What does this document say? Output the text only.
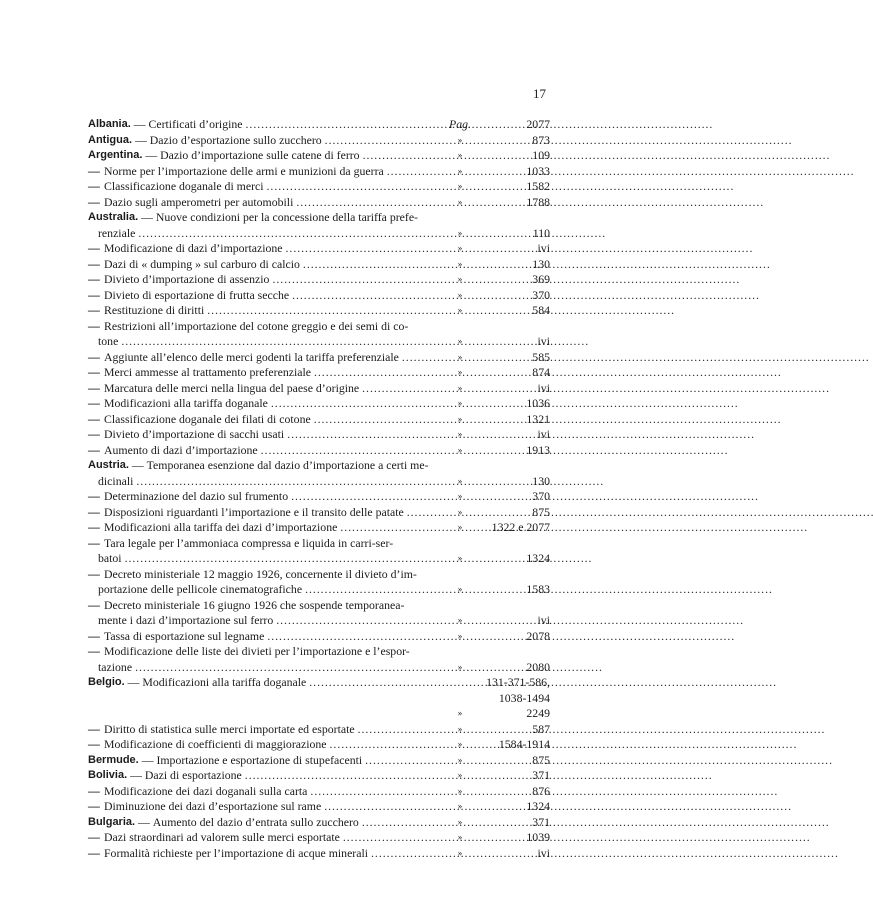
17
Albania. — Certificati d’origine . . .	Pag.	2077
Antigua. — Dazio d’esportazione sullo zucchero . . .	»	873
Argentina. — Dazio d’importazione sulle catene di ferro . . .	»	109
— Norme per l’importazione delle armi e munizioni da guerra . . .	»	1033
— Classificazione doganale di merci . . .	»	1582
— Dazio sugli amperometri per automobili . . .	»	1788
Australia. — Nuove condizioni per la concessione della tariffa prefe-
renziale . . .	»	110
— Modificazione di dazi d’importazione . . .	»	ivi
— Dazi di « dumping » sul carburo di calcio . . .	»	130
— Divieto d’importazione di assenzio . . .	»	369
— Divieto di esportazione di frutta secche . . .	»	370
— Restituzione di diritti . . .	»	584
— Restrizioni all’importazione del cotone greggio e dei semi di co-
tone . . .	»	ivi
— Aggiunte all’elenco delle merci godenti la tariffa preferenziale . . .	»	585
— Merci ammesse al trattamento preferenziale . . .	»	874
— Marcatura delle merci nella lingua del paese d’origine . . .	»	ivi
— Modificazioni alla tariffa doganale . . .	»	1036
— Classificazione doganale dei filati di cotone . . .	»	1321
— Divieto d’importazione di sacchi usati . . .	»	ivi
— Aumento di dazi d’importazione . . .	»	1913
Austria. — Temporanea esenzione dal dazio d’importazione a certi me-
dicinali . . .	»	130
— Determinazione del dazio sul frumento . . .	»	370
— Disposizioni riguardanti l’importazione e il transito delle patate . . .	»	875
— Modificazioni alla tariffa dei dazi d’importazione . . .	»	1322 e 2077
— Tara legale per l’ammoniaca compressa e liquida in carri-ser-
batoi . . .	»	1324
— Decreto ministeriale 12 maggio 1926, concernente il divieto d’im-
portazione delle pellicole cinematografiche . . .	»	1583
— Decreto ministeriale 16 giugno 1926 che sospende temporanea-
mente i dazi d’importazione sul ferro . . .	»	ivi
— Tassa di esportazione sul legname . . .	»	2078
— Modificazione delle liste dei divieti per l’importazione e l’espor-
tazione . . .	»	2080
Belgio. — Modificazioni alla tariffa doganale . . .	131-371-586,
1038-1494
»	2249
— Diritto di statistica sulle merci importate ed esportate . . .	»	587
— Modificazione di coefficienti di maggiorazione . . .	»	1584-1914
Bermude. — Importazione e esportazione di stupefacenti . . .	»	875
Bolivia. — Dazi di esportazione . . .	»	371
— Modificazione dei dazi doganali sulla carta . . .	»	876
— Diminuzione dei dazi d’esportazione sul rame . . .	»	1324
Bulgaria. — Aumento del dazio d’entrata sullo zucchero . . .	»	371
— Dazi straordinari ad valorem sulle merci esportate . . .	»	1039
— Formalità richieste per l’importazione di acque minerali . . .	»	ivi
